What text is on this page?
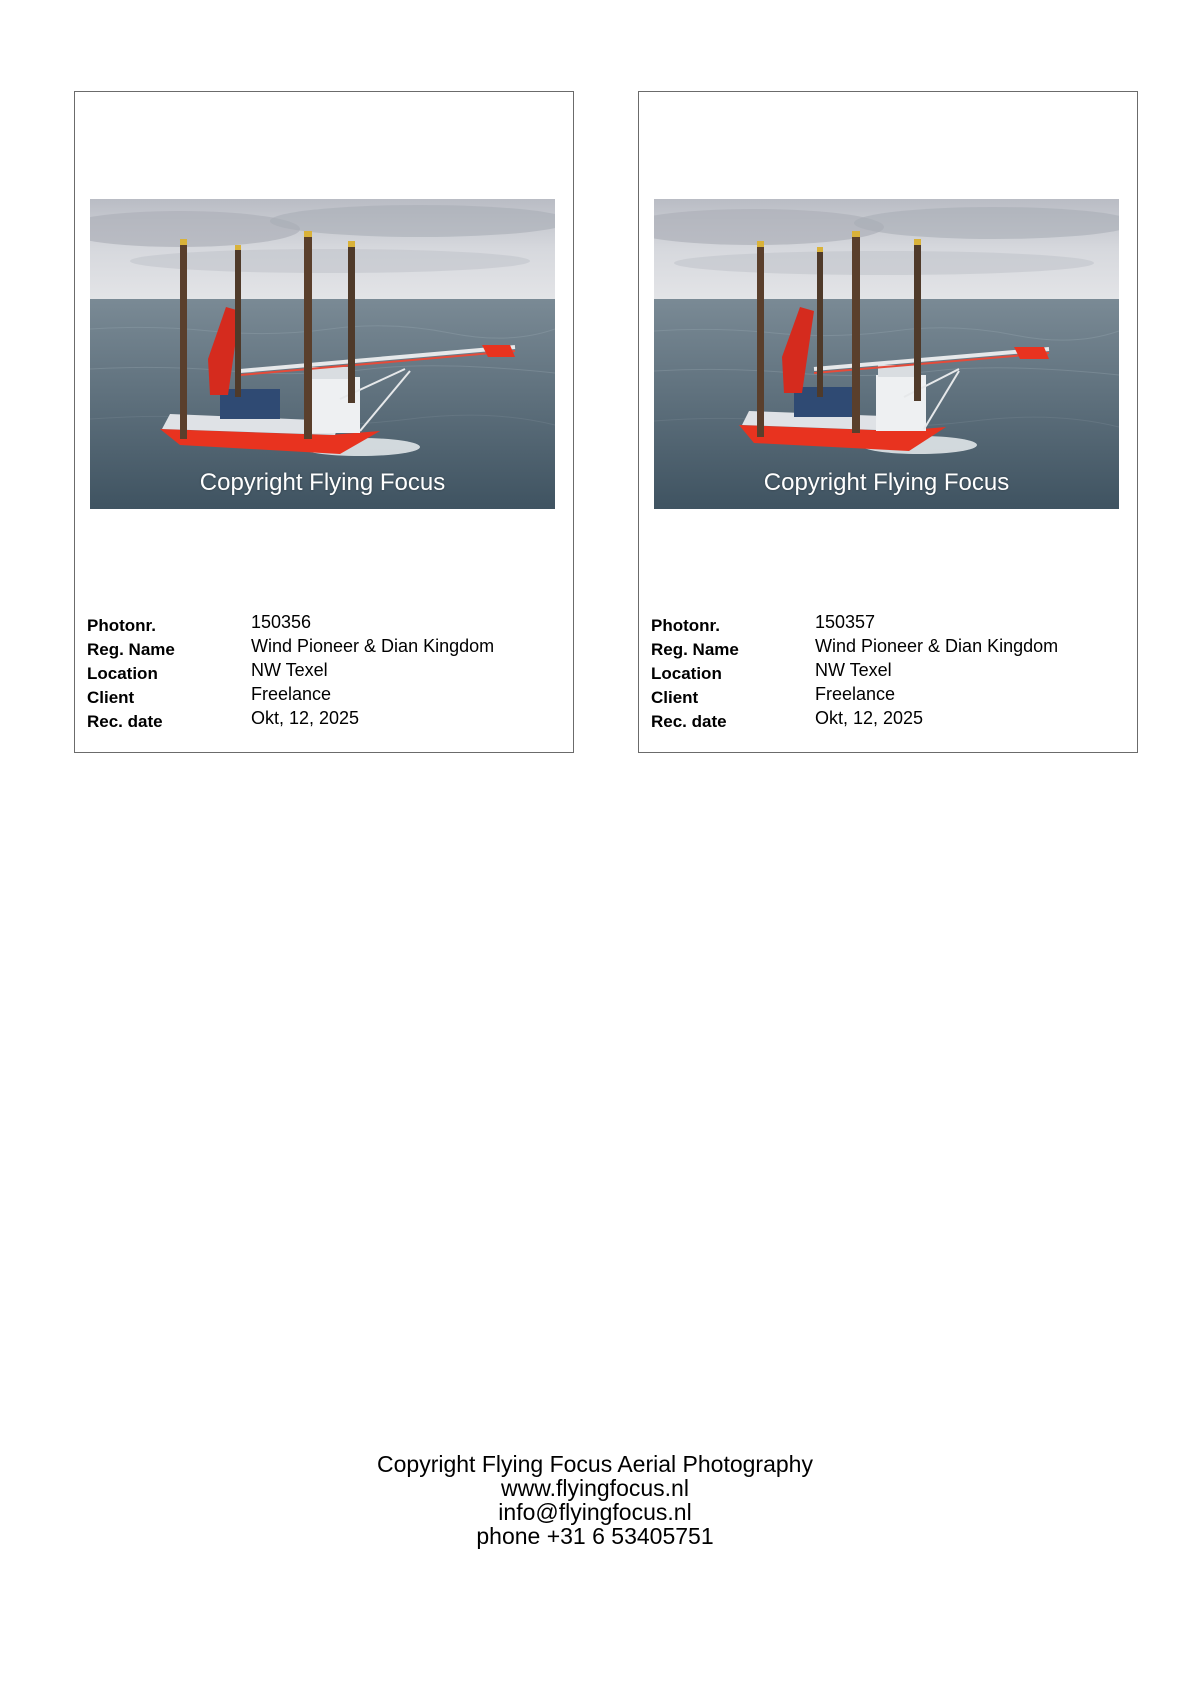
Copyright Flying Focus
Photonr.	150356
Reg. Name	Wind Pioneer & Dian Kingdom
Location	NW Texel
Client	Freelance
Rec. date	Okt, 12, 2025
Copyright Flying Focus
Photonr.	150357
Reg. Name	Wind Pioneer & Dian Kingdom
Location	NW Texel
Client	Freelance
Rec. date	Okt, 12, 2025
Copyright Flying Focus Aerial Photography
www.flyingfocus.nl
info@flyingfocus.nl
phone +31 6 53405751
